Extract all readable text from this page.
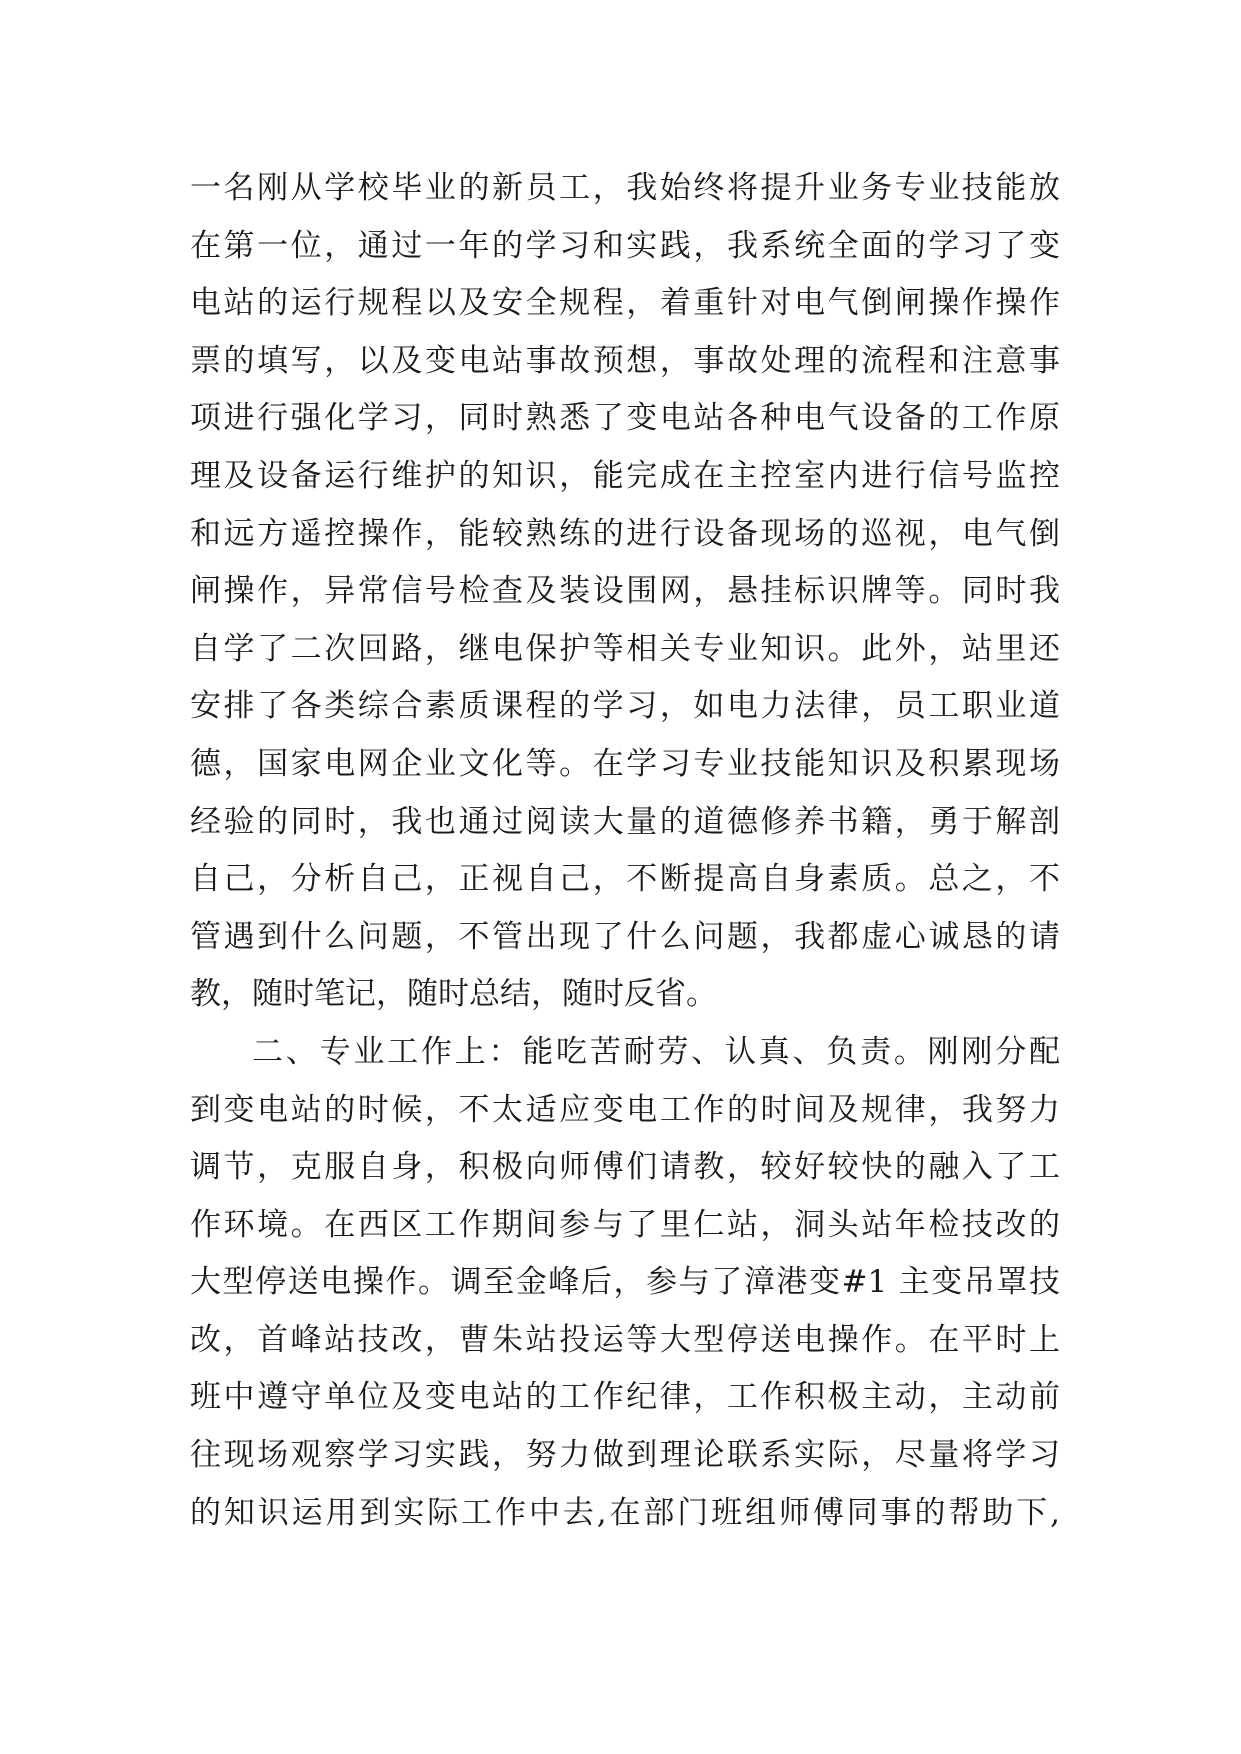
一名刚从学校毕业的新员工，我始终将提升业务专业技能放
在第一位，通过一年的学习和实践，我系统全面的学习了变
电站的运行规程以及安全规程，着重针对电气倒闸操作操作
票的填写，以及变电站事故预想，事故处理的流程和注意事
项进行强化学习，同时熟悉了变电站各种电气设备的工作原
理及设备运行维护的知识，能完成在主控室内进行信号监控
和远方遥控操作，能较熟练的进行设备现场的巡视，电气倒
闸操作，异常信号检查及装设围网，悬挂标识牌等。同时我
自学了二次回路，继电保护等相关专业知识。此外，站里还
安排了各类综合素质课程的学习，如电力法律，员工职业道
德，国家电网企业文化等。在学习专业技能知识及积累现场
经验的同时，我也通过阅读大量的道德修养书籍，勇于解剖
自己，分析自己，正视自己，不断提高自身素质。总之，不
管遇到什么问题，不管出现了什么问题，我都虚心诚恳的请
教，随时笔记，随时总结，随时反省。
二、专业工作上：能吃苦耐劳、认真、负责。刚刚分配
到变电站的时候，不太适应变电工作的时间及规律，我努力
调节，克服自身，积极向师傅们请教，较好较快的融入了工
作环境。在西区工作期间参与了里仁站，洞头站年检技改的
大型停送电操作。调至金峰后，参与了漳港变#1 主变吊罩技
改，首峰站技改，曹朱站投运等大型停送电操作。在平时上
班中遵守单位及变电站的工作纪律，工作积极主动，主动前
往现场观察学习实践，努力做到理论联系实际，尽量将学习
的知识运用到实际工作中去,在部门班组师傅同事的帮助下,
